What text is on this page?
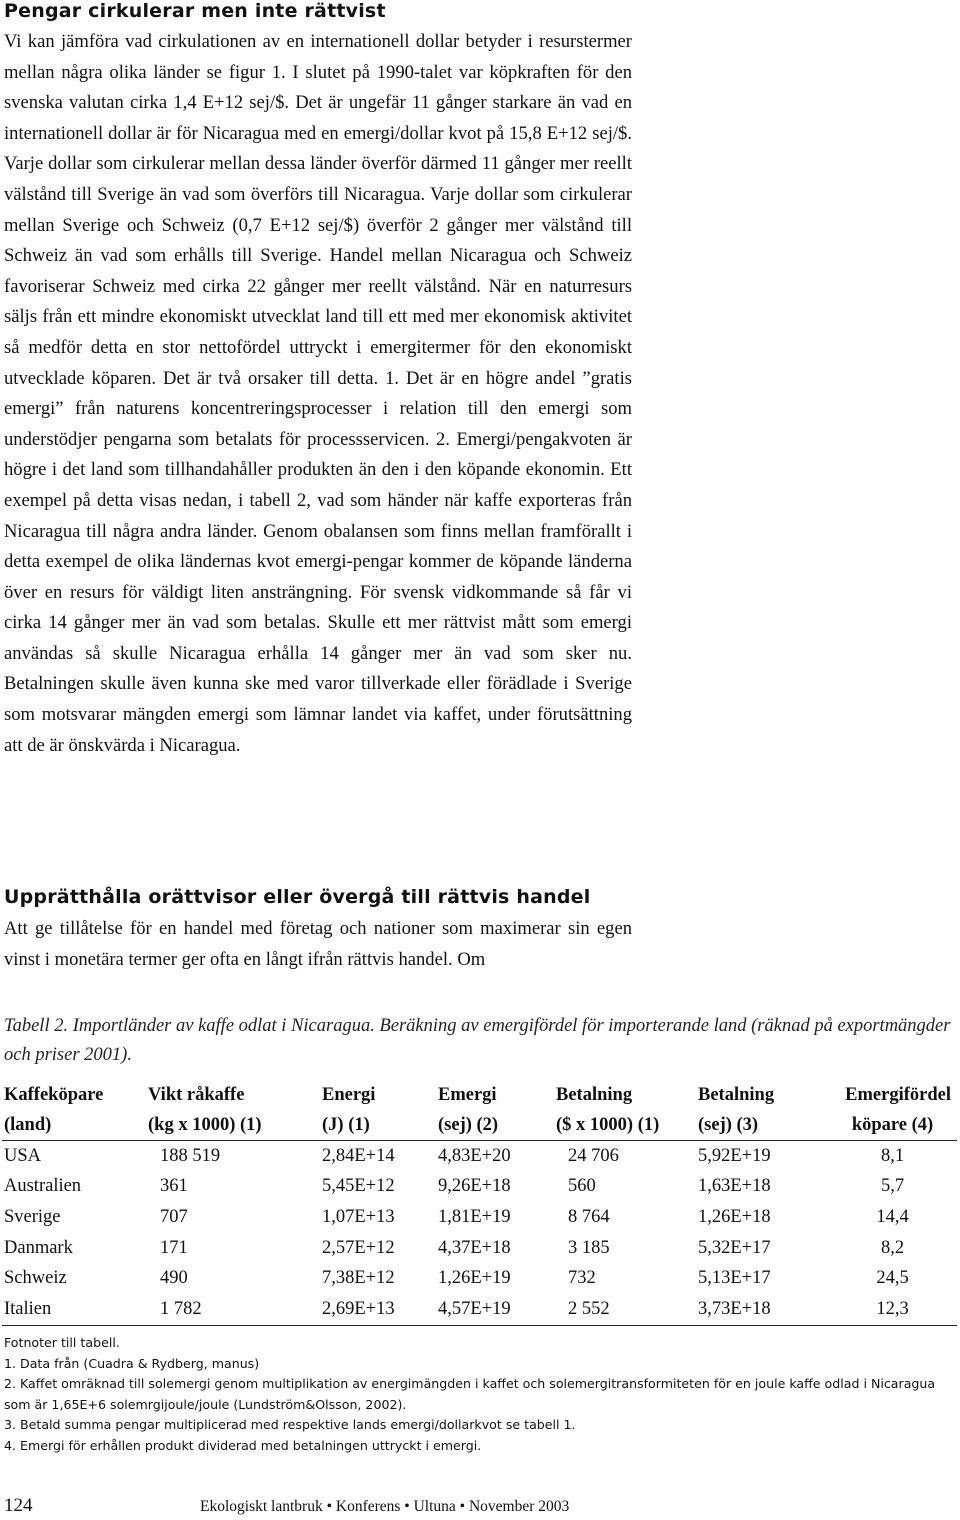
Pengar cirkulerar men inte rättvist

Vi kan jämföra vad cirkulationen av en internationell dollar betyder i resurstermer mellan några olika länder se figur 1. I slutet på 1990-talet var köpkraften för den svenska valutan cirka 1,4 E+12 sej/$. Det är ungefär 11 gånger starkare än vad en internationell dollar är för Nicaragua med en emergi/dollar kvot på 15,8 E+12 sej/$. Varje dollar som cirkulerar mellan dessa länder överför därmed 11 gånger mer reellt välstånd till Sverige än vad som överförs till Nicaragua. Varje dollar som cirkulerar mellan Sverige och Schweiz (0,7 E+12 sej/$) överför 2 gånger mer välstånd till Schweiz än vad som erhålls till Sverige. Handel mellan Nicaragua och Schweiz favoriserar Schweiz med cirka 22 gånger mer reellt välstånd. När en naturresurs säljs från ett mindre ekonomiskt utvecklat land till ett med mer ekonomisk aktivitet så medför detta en stor nettofördel uttryckt i emergitermer för den ekonomiskt utvecklade köparen. Det är två orsaker till detta. 1. Det är en högre andel ”gratis emergi” från naturens koncentreringsprocesser i relation till den emergi som understödjer pengarna som betalats för processservicen. 2. Emergi/pengakvoten är högre i det land som tillhandahåller produkten än den i den köpande ekonomin. Ett exempel på detta visas nedan, i tabell 2, vad som händer när kaffe exporteras från Nicaragua till några andra länder. Genom obalansen som finns mellan framförallt i detta exempel de olika ländernas kvot emergi-pengar kommer de köpande länderna över en resurs för väldigt liten ansträngning. För svensk vidkommande så får vi cirka 14 gånger mer än vad som betalas. Skulle ett mer rättvist mått som emergi användas så skulle Nicaragua erhålla 14 gånger mer än vad som sker nu. Betalningen skulle även kunna ske med varor tillverkade eller förädlade i Sverige som motsvarar mängden emergi som lämnar landet via kaffet, under förutsättning att de är önskvärda i Nicaragua.

Upprätthålla orättvisor eller övergå till rättvis handel

Att ge tillåtelse för en handel med företag och nationer som maximerar sin egen vinst i monetära termer ger ofta en långt ifrån rättvis handel. Om

Tabell 2. Importländer av kaffe odlat i Nicaragua. Beräkning av emergifördel för importerande land (räknad på exportmängder och priser 2001).

Kaffeköpare	Vikt råkaffe	Energi	Emergi	Betalning	Betalning	Emergifördel
(land)	(kg x 1000) (1)	(J) (1)	(sej) (2)	($ x 1000) (1)	(sej) (3)	köpare (4)
USA	188 519	2,84E+14	4,83E+20	24 706	5,92E+19	8,1
Australien	361	5,45E+12	9,26E+18	560	1,63E+18	5,7
Sverige	707	1,07E+13	1,81E+19	8 764	1,26E+18	14,4
Danmark	171	2,57E+12	4,37E+18	3 185	5,32E+17	8,2
Schweiz	490	7,38E+12	1,26E+19	732	5,13E+17	24,5
Italien	1 782	2,69E+13	4,57E+19	2 552	3,73E+18	12,3
Fotnoter till tabell.
1. Data från (Cuadra & Rydberg, manus)
2. Kaffet omräknad till solemergi genom multiplikation av energimängden i kaffet och solemergitransformiteten för en joule kaffe odlad i Nicaragua som är 1,65E+6 solemrgijoule/joule (Lundström&Olsson, 2002).
3. Betald summa pengar multiplicerad med respektive lands emergi/dollarkvot se tabell 1.
4. Emergi för erhållen produkt dividerad med betalningen uttryckt i emergi.
124	Ekologiskt lantbruk • Konferens • Ultuna • November 2003
